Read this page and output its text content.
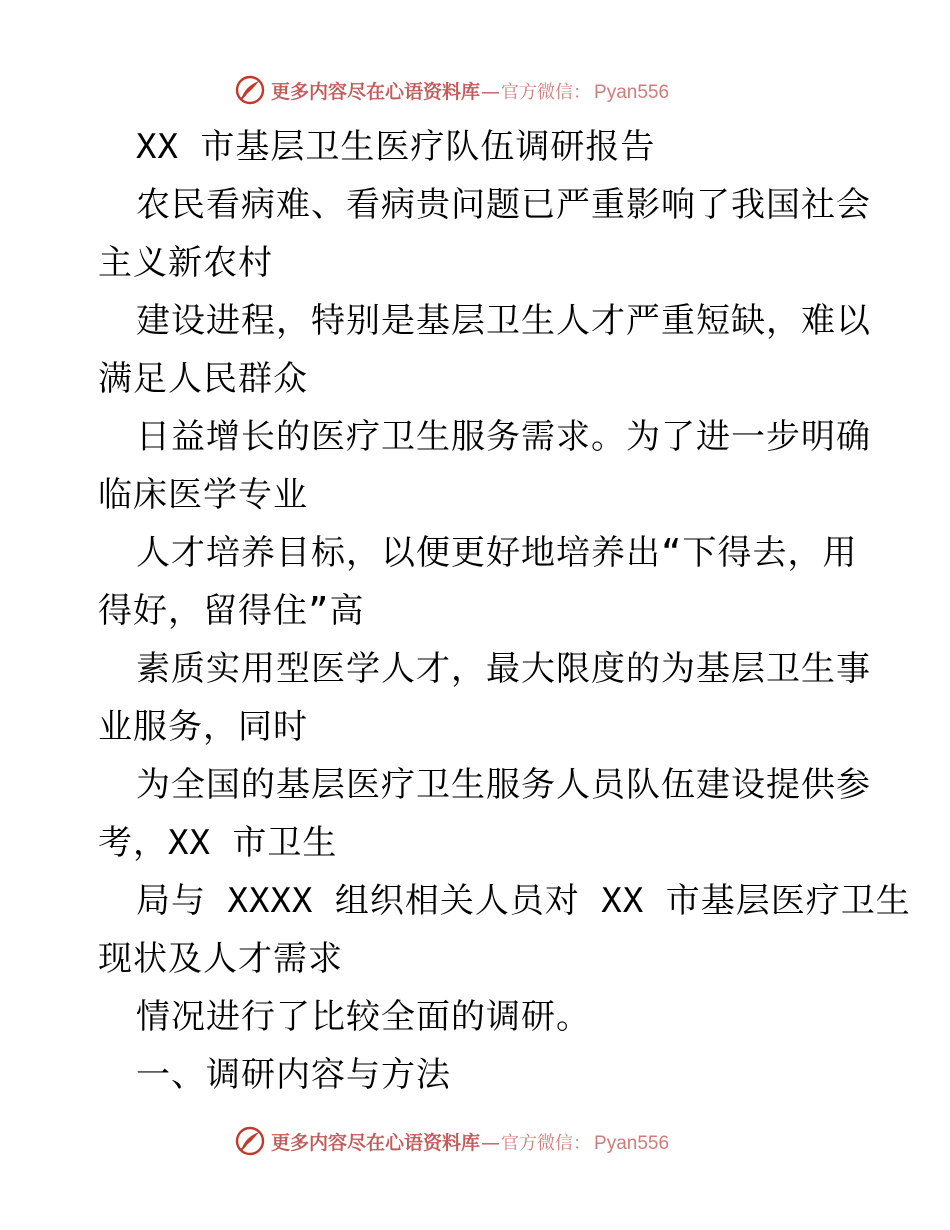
更多内容尽在心语资料库 — 官方微信： Pyan556
XX 市基层卫生医疗队伍调研报告
农民看病难、看病贵问题已严重影响了我国社会
主义新农村
建设进程，特别是基层卫生人才严重短缺，难以
满足人民群众
日益增长的医疗卫生服务需求。为了进一步明确
临床医学专业
人才培养目标，以便更好地培养出“下得去，用
得好，留得住”高
素质实用型医学人才，最大限度的为基层卫生事
业服务，同时
为全国的基层医疗卫生服务人员队伍建设提供参
考，XX 市卫生
局与 XXXX 组织相关人员对 XX 市基层医疗卫生
现状及人才需求
情况进行了比较全面的调研。
一、调研内容与方法
更多内容尽在心语资料库 — 官方微信： Pyan556
